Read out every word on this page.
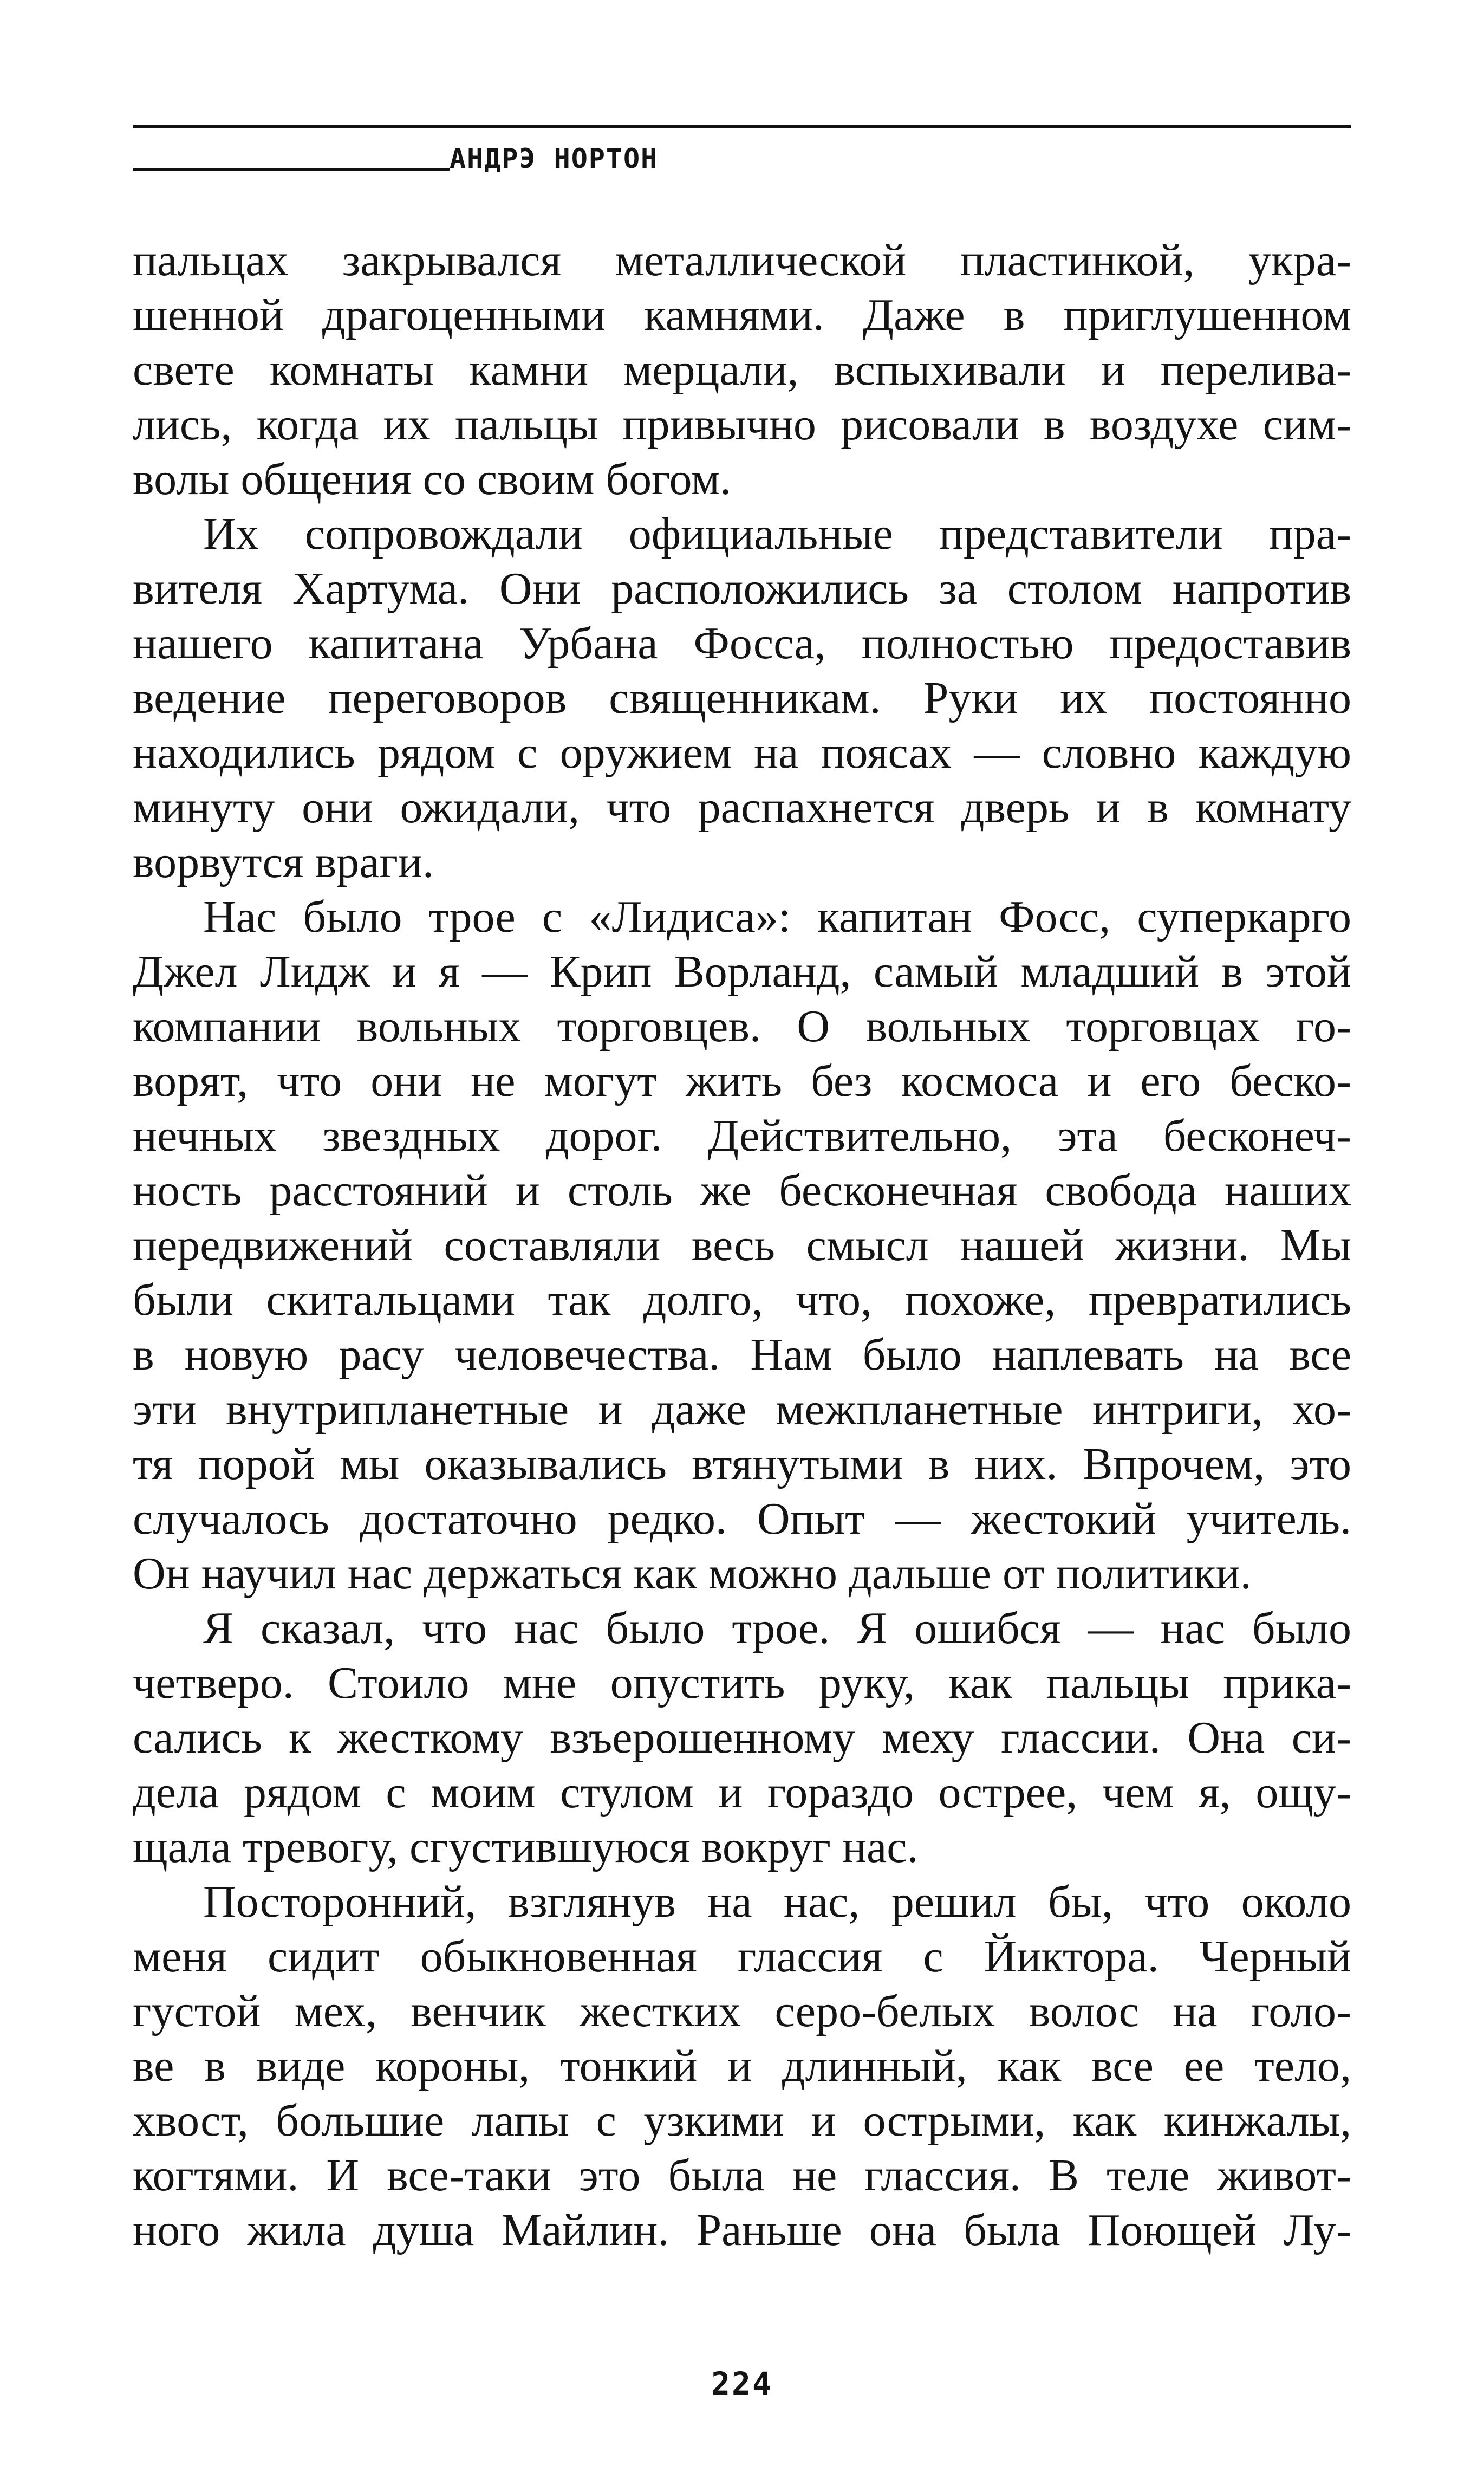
АНДРЭ НОРТОН
пальцах закрывался металлической пластинкой, укра-
шенной драгоценными камнями. Даже в приглушенном
свете комнаты камни мерцали, вспыхивали и перелива-
лись, когда их пальцы привычно рисовали в воздухе сим-
волы общения со своим богом.
Их сопровождали официальные представители пра-
вителя Хартума. Они расположились за столом напротив
нашего капитана Урбана Фосса, полностью предоставив
ведение переговоров священникам. Руки их постоянно
находились рядом с оружием на поясах — словно каждую
минуту они ожидали, что распахнется дверь и в комнату
ворвутся враги.
Нас было трое с «Лидиса»: капитан Фосс, суперкарго
Джел Лидж и я — Крип Ворланд, самый младший в этой
компании вольных торговцев. О вольных торговцах го-
ворят, что они не могут жить без космоса и его беско-
нечных звездных дорог. Действительно, эта бесконеч-
ность расстояний и столь же бесконечная свобода наших
передвижений составляли весь смысл нашей жизни. Мы
были скитальцами так долго, что, похоже, превратились
в новую расу человечества. Нам было наплевать на все
эти внутрипланетные и даже межпланетные интриги, хо-
тя порой мы оказывались втянутыми в них. Впрочем, это
случалось достаточно редко. Опыт — жестокий учитель.
Он научил нас держаться как можно дальше от политики.
Я сказал, что нас было трое. Я ошибся — нас было
четверо. Стоило мне опустить руку, как пальцы прика-
сались к жесткому взъерошенному меху глассии. Она си-
дела рядом с моим стулом и гораздо острее, чем я, ощу-
щала тревогу, сгустившуюся вокруг нас.
Посторонний, взглянув на нас, решил бы, что около
меня сидит обыкновенная глассия с Йиктора. Черный
густой мех, венчик жестких серо-белых волос на голо-
ве в виде короны, тонкий и длинный, как все ее тело,
хвост, большие лапы с узкими и острыми, как кинжалы,
когтями. И все-таки это была не глассия. В теле живот-
ного жила душа Майлин. Раньше она была Поющей Лу-
224
